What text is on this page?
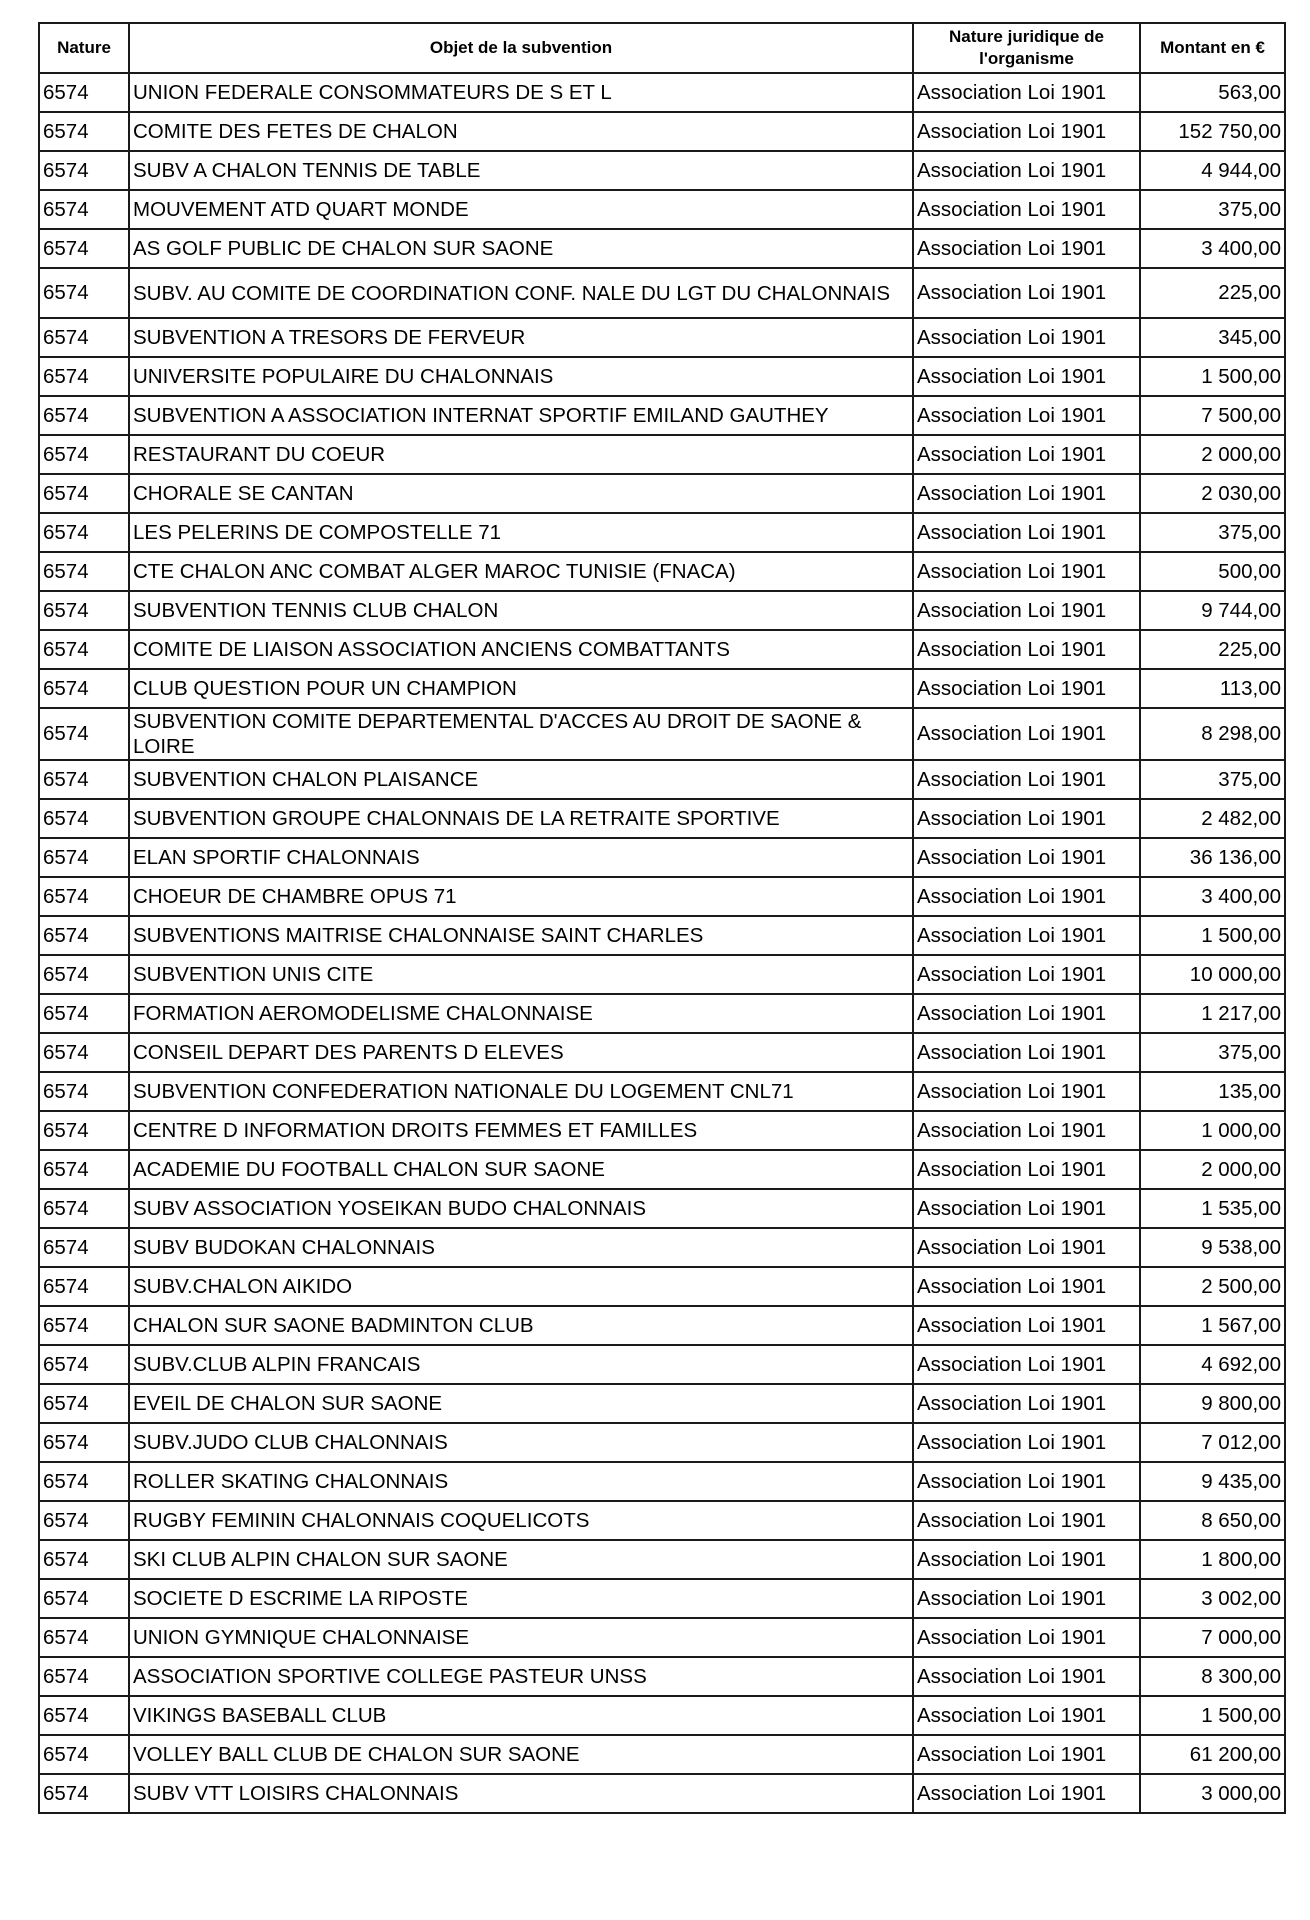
Nature	Objet de la subvention	Nature juridique de l'organisme	Montant en €
6574	UNION FEDERALE CONSOMMATEURS DE S ET L	Association Loi 1901	563,00
6574	COMITE DES FETES DE CHALON	Association Loi 1901	152 750,00
6574	SUBV A CHALON TENNIS DE TABLE	Association Loi 1901	4 944,00
6574	MOUVEMENT ATD QUART MONDE	Association Loi 1901	375,00
6574	AS GOLF PUBLIC DE CHALON SUR SAONE	Association Loi 1901	3 400,00
6574	SUBV. AU COMITE DE COORDINATION CONF. NALE DU LGT DU CHALONNAIS	Association Loi 1901	225,00
6574	SUBVENTION A TRESORS DE FERVEUR	Association Loi 1901	345,00
6574	UNIVERSITE POPULAIRE DU CHALONNAIS	Association Loi 1901	1 500,00
6574	SUBVENTION A ASSOCIATION INTERNAT SPORTIF EMILAND GAUTHEY	Association Loi 1901	7 500,00
6574	RESTAURANT DU COEUR	Association Loi 1901	2 000,00
6574	CHORALE SE CANTAN	Association Loi 1901	2 030,00
6574	LES PELERINS DE COMPOSTELLE 71	Association Loi 1901	375,00
6574	CTE CHALON ANC COMBAT ALGER MAROC TUNISIE (FNACA)	Association Loi 1901	500,00
6574	SUBVENTION TENNIS CLUB CHALON	Association Loi 1901	9 744,00
6574	COMITE DE LIAISON ASSOCIATION ANCIENS COMBATTANTS	Association Loi 1901	225,00
6574	CLUB QUESTION POUR UN CHAMPION	Association Loi 1901	113,00
6574	SUBVENTION COMITE DEPARTEMENTAL D'ACCES AU DROIT DE SAONE & LOIRE	Association Loi 1901	8 298,00
6574	SUBVENTION CHALON PLAISANCE	Association Loi 1901	375,00
6574	SUBVENTION GROUPE CHALONNAIS DE LA RETRAITE SPORTIVE	Association Loi 1901	2 482,00
6574	ELAN SPORTIF CHALONNAIS	Association Loi 1901	36 136,00
6574	CHOEUR DE CHAMBRE OPUS 71	Association Loi 1901	3 400,00
6574	SUBVENTIONS MAITRISE CHALONNAISE SAINT CHARLES	Association Loi 1901	1 500,00
6574	SUBVENTION UNIS CITE	Association Loi 1901	10 000,00
6574	FORMATION AEROMODELISME CHALONNAISE	Association Loi 1901	1 217,00
6574	CONSEIL DEPART DES PARENTS D ELEVES	Association Loi 1901	375,00
6574	SUBVENTION CONFEDERATION NATIONALE DU LOGEMENT CNL71	Association Loi 1901	135,00
6574	CENTRE D INFORMATION DROITS FEMMES ET FAMILLES	Association Loi 1901	1 000,00
6574	ACADEMIE DU FOOTBALL CHALON SUR SAONE	Association Loi 1901	2 000,00
6574	SUBV ASSOCIATION YOSEIKAN BUDO CHALONNAIS	Association Loi 1901	1 535,00
6574	SUBV BUDOKAN CHALONNAIS	Association Loi 1901	9 538,00
6574	SUBV.CHALON AIKIDO	Association Loi 1901	2 500,00
6574	CHALON SUR SAONE BADMINTON CLUB	Association Loi 1901	1 567,00
6574	SUBV.CLUB ALPIN FRANCAIS	Association Loi 1901	4 692,00
6574	EVEIL DE CHALON SUR SAONE	Association Loi 1901	9 800,00
6574	SUBV.JUDO CLUB CHALONNAIS	Association Loi 1901	7 012,00
6574	ROLLER SKATING CHALONNAIS	Association Loi 1901	9 435,00
6574	RUGBY FEMININ CHALONNAIS COQUELICOTS	Association Loi 1901	8 650,00
6574	SKI CLUB ALPIN CHALON SUR SAONE	Association Loi 1901	1 800,00
6574	SOCIETE D ESCRIME LA RIPOSTE	Association Loi 1901	3 002,00
6574	UNION GYMNIQUE CHALONNAISE	Association Loi 1901	7 000,00
6574	ASSOCIATION SPORTIVE COLLEGE PASTEUR UNSS	Association Loi 1901	8 300,00
6574	VIKINGS BASEBALL CLUB	Association Loi 1901	1 500,00
6574	VOLLEY BALL CLUB DE CHALON SUR SAONE	Association Loi 1901	61 200,00
6574	SUBV VTT LOISIRS CHALONNAIS	Association Loi 1901	3 000,00
